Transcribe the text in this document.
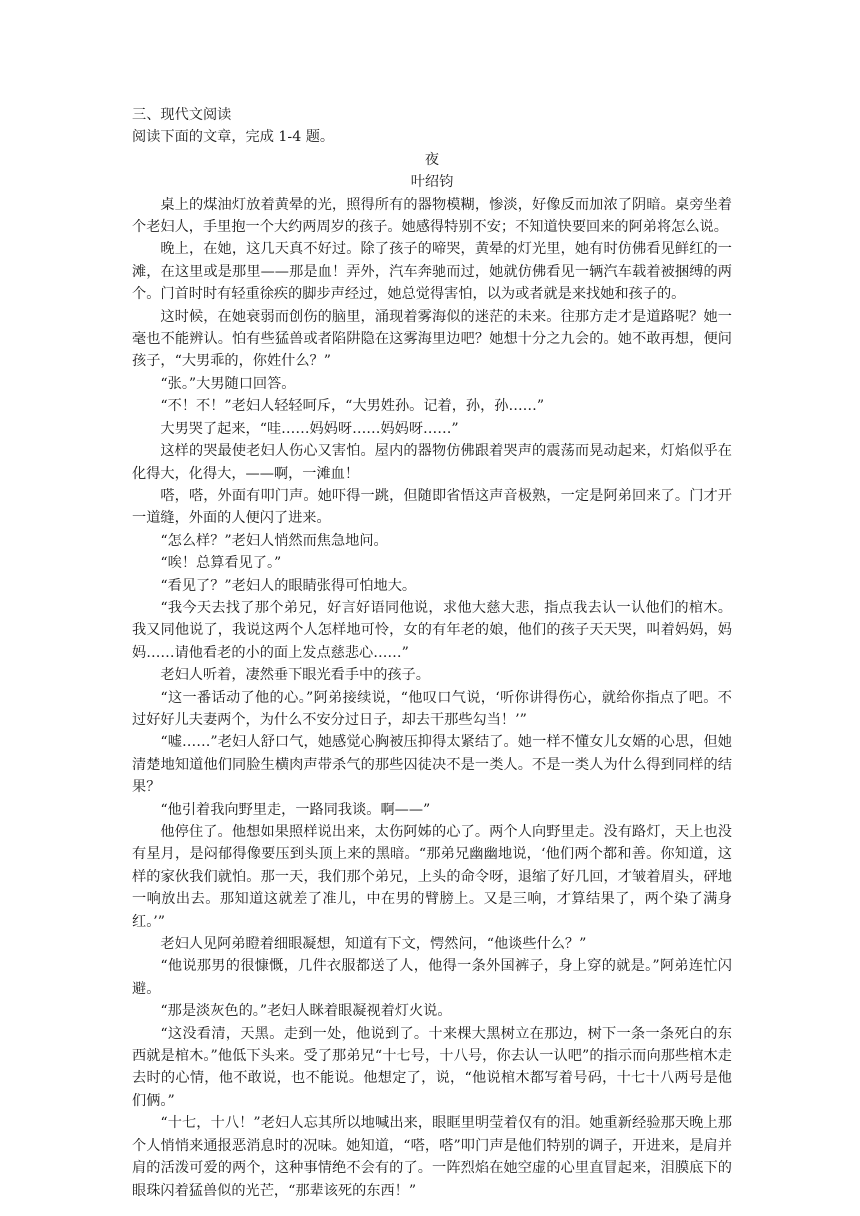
三、现代文阅读
阅读下面的文章，完成 1-4 题。
夜
叶绍钧
桌上的煤油灯放着黄晕的光，照得所有的器物模糊，惨淡，好像反而加浓了阴暗。桌旁坐着个老妇人，手里抱一个大约两周岁的孩子。她感得特别不安；不知道快要回来的阿弟将怎么说。
晚上，在她，这几天真不好过。除了孩子的啼哭，黄晕的灯光里，她有时仿佛看见鲜红的一滩，在这里或是那里——那是血！弄外，汽车奔驰而过，她就仿佛看见一辆汽车载着被捆缚的两个。门首时时有轻重徐疾的脚步声经过，她总觉得害怕，以为或者就是来找她和孩子的。
这时候，在她衰弱而创伤的脑里，涌现着雾海似的迷茫的未来。往那方走才是道路呢？她一毫也不能辨认。怕有些猛兽或者陷阱隐在这雾海里边吧？她想十分之九会的。她不敢再想，便问孩子，“大男乖的，你姓什么？”
“张。”大男随口回答。
“不！不！”老妇人轻轻呵斥，“大男姓孙。记着，孙，孙……”
大男哭了起来，“哇……妈妈呀……妈妈呀……”
这样的哭最使老妇人伤心又害怕。屋内的器物仿佛跟着哭声的震荡而晃动起来，灯焰似乎在化得大，化得大，——啊，一滩血！
嗒，嗒，外面有叩门声。她吓得一跳，但随即省悟这声音极熟，一定是阿弟回来了。门才开一道缝，外面的人便闪了进来。
“怎么样？”老妇人悄然而焦急地问。
“唉！总算看见了。”
“看见了？”老妇人的眼睛张得可怕地大。
“我今天去找了那个弟兄，好言好语同他说，求他大慈大悲，指点我去认一认他们的棺木。我又同他说了，我说这两个人怎样地可怜，女的有年老的娘，他们的孩子天天哭，叫着妈妈，妈妈……请他看老的小的面上发点慈悲心……”
老妇人听着，凄然垂下眼光看手中的孩子。
“这一番话动了他的心。”阿弟接续说，“他叹口气说，‘听你讲得伤心，就给你指点了吧。不过好好儿夫妻两个，为什么不安分过日子，却去干那些勾当！’”
“嘘……”老妇人舒口气，她感觉心胸被压抑得太紧结了。她一样不懂女儿女婿的心思，但她清楚地知道他们同脸生横肉声带杀气的那些囚徒决不是一类人。不是一类人为什么得到同样的结果？
“他引着我向野里走，一路同我谈。啊——”
他停住了。他想如果照样说出来，太伤阿姊的心了。两个人向野里走。没有路灯，天上也没有星月，是闷郁得像要压到头顶上来的黑暗。“那弟兄幽幽地说，‘他们两个都和善。你知道，这样的家伙我们就怕。那一天，我们那个弟兄，上头的命令呀，退缩了好几回，才皱着眉头，砰地一响放出去。那知道这就差了准儿，中在男的臂膀上。又是三响，才算结果了，两个染了满身红。’”
老妇人见阿弟瞪着细眼凝想，知道有下文，愕然问，“他谈些什么？”
“他说那男的很慷慨，几件衣服都送了人，他得一条外国裤子，身上穿的就是。”阿弟连忙闪避。
“那是淡灰色的。”老妇人眯着眼凝视着灯火说。
“这没看清，天黑。走到一处，他说到了。十来棵大黑树立在那边，树下一条一条死白的东西就是棺木。”他低下头来。受了那弟兄“十七号，十八号，你去认一认吧”的指示而向那些棺木走去时的心情，他不敢说，也不能说。他想定了，说，“他说棺木都写着号码，十七十八两号是他们俩。”
“十七，十八！”老妇人忘其所以地喊出来，眼眶里明莹着仅有的泪。她重新经验那天晚上那个人悄悄来通报恶消息时的况味。她知道，“嗒，嗒”叩门声是他们特别的调子，开进来，是肩并肩的活泼可爱的两个，这种事情绝不会有的了。一阵烈焰在她空虚的心里直冒起来，泪膜底下的眼珠闪着猛兽似的光芒，“那辈该死的东西！”
